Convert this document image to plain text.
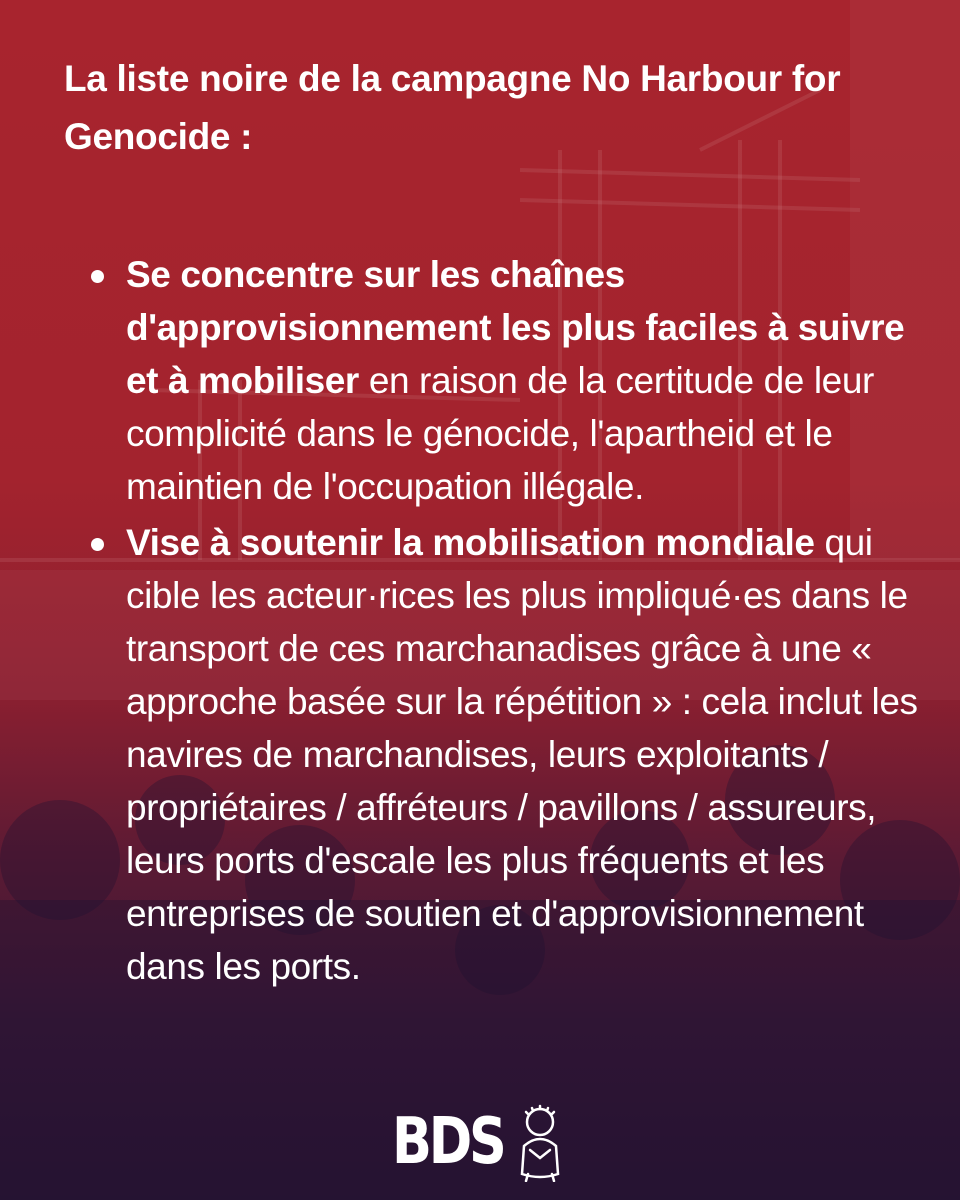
La liste noire de la campagne No Harbour for Genocide :
Se concentre sur les chaînes d'approvisionnement les plus faciles à suivre et à mobiliser en raison de la certitude de leur complicité dans le génocide, l'apartheid et le maintien de l'occupation illégale.
Vise à soutenir la mobilisation mondiale qui cible les acteur·rices les plus impliqué·es dans le transport de ces marchanadises grâce à une « approche basée sur la répétition » : cela inclut les navires de marchandises, leurs exploitants / propriétaires / affréteurs / pavillons / assureurs, leurs ports d'escale les plus fréquents et les entreprises de soutien et d'approvisionnement dans les ports.
BDS
